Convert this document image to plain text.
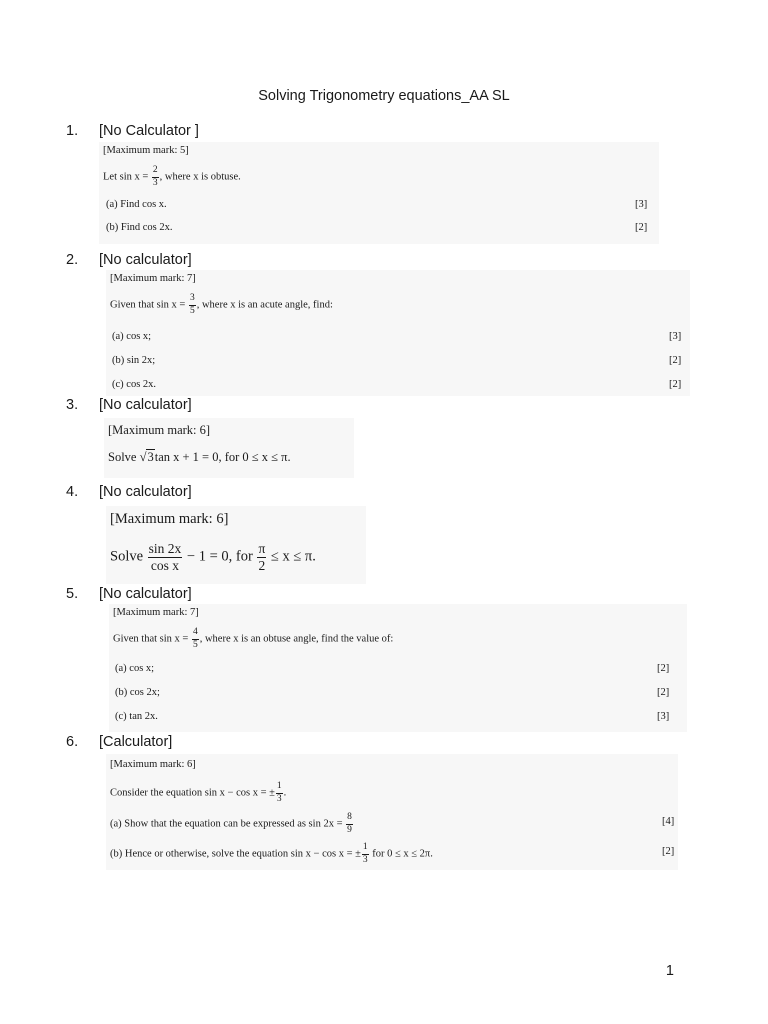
Solving Trigonometry equations_AA SL
1. [No Calculator ]
[Maximum mark: 5]
Let $\sin x = \frac{2}{3}$ , where x is obtuse.
(a) Find cos x.	[3]
(b) Find cos 2x.	[2]
2. [No calculator]
[Maximum mark: 7]
Given that $\sin x = \frac{3}{5}$ , where x is an acute angle, find:
(a) cos x;	[3]
(b) sin 2x;	[2]
(c) cos 2x.	[2]
3. [No calculator]
[Maximum mark: 6]
Solve √3tan x + 1 = 0, for 0 ≤ x ≤ π.
4. [No calculator]
[Maximum mark: 6]
Solve $\frac{\sin 2x}{\text{cos x}} - 1 = 0$, for $\frac{\pi}{2} \le x \le \pi$.
5. [No calculator]
[Maximum mark: 7]
Given that $\sin x = \frac{4}{5}$ , where x is an obtuse angle, find the value of:
(a) cos x;	[2]
(b) cos 2x;	[2]
(c) tan 2x.	[3]
6. [Calculator]
[Maximum mark: 6]
Consider the equation sin x − cos x = ± $\frac{1}{3}$ .
(a) Show that the equation can be expressed as $\sin 2x = \frac{8}{9}$	[4]
(b) Hence or otherwise, solve the equation sin x − cos x = ± $\frac{1}{3}$ for 0 ≤ x ≤ 2π.	[2]
1
